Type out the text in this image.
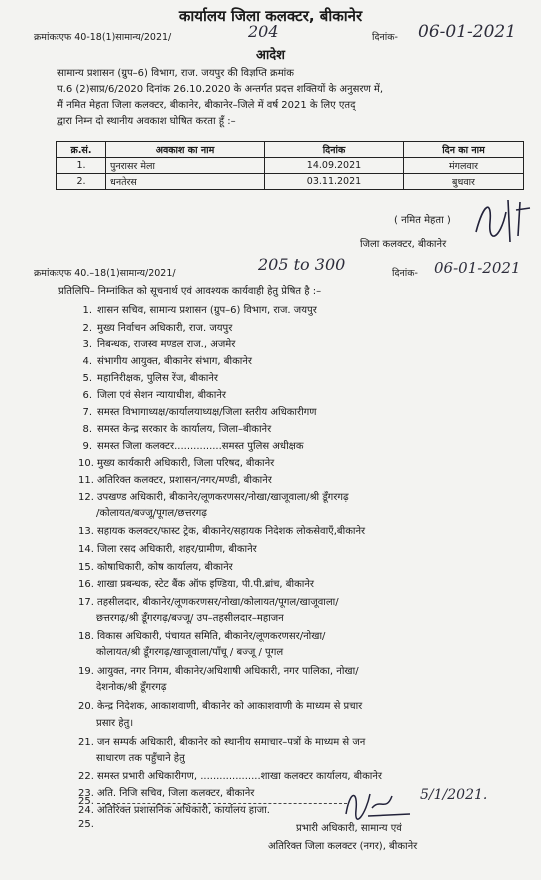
कार्यालय जिला कलक्टर, बीकानेर
क्रमांकःएफ 40-18(1)सामान्य/2021/	204	दिनांक- 06-01-2021
आदेश
सामान्य प्रशासन (ग्रुप–6) विभाग, राज. जयपुर की विज्ञप्ति क्रमांक
प.6 (2)साप्र/6/2020 दिनांक 26.10.2020 के अन्तर्गत प्रदत्त शक्तियों के अनुसरण में,
मैं नमित मेहता जिला कलक्टर, बीकानेर, बीकानेर–जिले में वर्ष 2021 के लिए एतद्
द्वारा निम्न दो स्थानीय अवकाश घोषित करता हूँ :–
क्र.सं.	अवकाश का नाम	दिनांक	दिन का नाम
1.	पुनरासर मेला	14.09.2021	मंगलवार
2.	धनतेरस	03.11.2021	बुधवार
( नमित मेहता )
जिला कलक्टर, बीकानेर
क्रमांकःएफ 40.–18(1)सामान्य/2021/	205 to 300	दिनांक- 06-01-2021
प्रतिलिपि– निम्नांकित को सूचनार्थ एवं आवश्यक कार्यवाही हेतु प्रेषित है :–
1. शासन सचिव, सामान्य प्रशासन (ग्रुप–6) विभाग, राज. जयपुर
2. मुख्य निर्वाचन अधिकारी, राज. जयपुर
3. निबन्धक, राजस्व मण्डल राज., अजमेर
4. संभागीय आयुक्त, बीकानेर संभाग, बीकानेर
5. महानिरीक्षक, पुलिस रेंज, बीकानेर
6. जिला एवं सेशन न्यायाधीश, बीकानेर
7. समस्त विभागाध्यक्ष/कार्यालयाध्यक्ष/जिला स्तरीय अधिकारीगण
8. समस्त केन्द्र सरकार के कार्यालय, जिला–बीकानेर
9. समस्त जिला कलक्टर...............समस्त पुलिस अधीक्षक
10. मुख्य कार्यकारी अधिकारी, जिला परिषद, बीकानेर
11. अतिरिक्त कलक्टर, प्रशासन/नगर/मण्डी, बीकानेर
12. उपखण्ड अधिकारी, बीकानेर/लूणकरणसर/नोखा/खाजूवाला/श्री डूँगरगढ़
/कोलायत/बज्जू/पूगल/छत्तरगढ़
13. सहायक कलक्टर/फास्ट ट्रेक, बीकानेर/सहायक निदेशक लोकसेवाएँ,बीकानेर
14. जिला रसद अधिकारी, शहर/ग्रामीण, बीकानेर
15. कोषाधिकारी, कोष कार्यालय, बीकानेर
16. शाखा प्रबन्धक, स्टेट बैंक ऑफ इण्डिया, पी.पी.ब्रांच, बीकानेर
17. तहसीलदार, बीकानेर/लूणकरणसर/नोखा/कोलायत/पूगल/खाजूवाला/
छत्तरगढ़/श्री डूँगरगढ़/बज्जू/ उप–तहसीलदार–महाजन
18. विकास अधिकारी, पंचायत समिति, बीकानेर/लूणकरणसर/नोखा/
कोलायत/श्री डूँगरगढ़/खाजूवाला/पाँचू / बज्जू / पूगल
19. आयुक्त, नगर निगम, बीकानेर/अधिशाषी अधिकारी, नगर पालिका, नोखा/
देशनोक/श्री डूँगरगढ़
20. केन्द्र निदेशक, आकाशवाणी, बीकानेर को आकाशवाणी के माध्यम से प्रचार
प्रसार हेतु।
21. जन सम्पर्क अधिकारी, बीकानेर को स्थानीय समाचार–पत्रों के माध्यम से जन
साधारण तक पहुँचाने हेतु
22. समस्त प्रभारी अधिकारीगण, ...................शाखा कलक्टर कार्यालय, बीकानेर
23. अति. निजि सचिव, जिला कलक्टर, बीकानेर
24. अतिरिक्त प्रशासनिक अधिकारी, कार्यालय हाजा.
25.
25.	5/1/2021.
प्रभारी अधिकारी, सामान्य एवं
अतिरिक्त जिला कलक्टर (नगर), बीकानेर
